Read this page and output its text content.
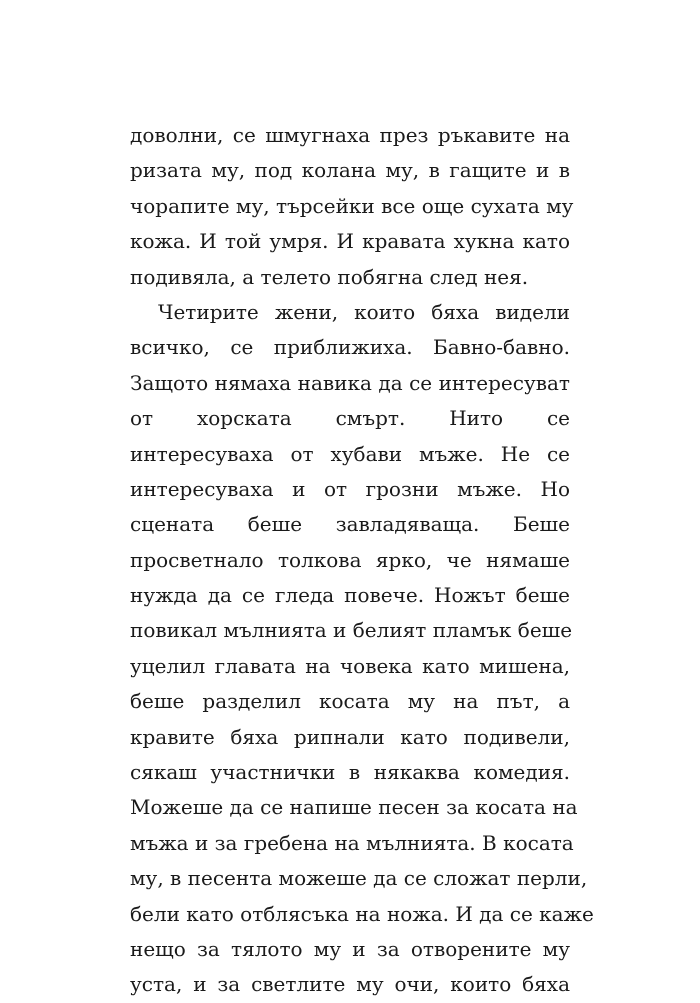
доволни, се шмугнаха през ръкавите на
ризата му, под колана му, в гащите и в
чорапите му, търсейки все още сухата му
кожа. И той умря. И кравата хукна като
подивяла, а телето побягна след нея.
Четирите жени, които бяха видели
всичко, се приближиха. Бавно-бавно.
Защото нямаха навика да се интересуват
от хорската смърт. Нито се
интересуваха от хубави мъже. Не се
интересуваха и от грозни мъже. Но
сцената беше завладяваща. Беше
просветнало толкова ярко, че нямаше
нужда да се гледа повече. Ножът беше
повикал мълнията и белият пламък беше
уцелил главата на човека като мишена,
беше разделил косата му на път, а
кравите бяха рипнали като подивели,
сякаш участнички в някаква комедия.
Можеше да се напише песен за косата на
мъжа и за гребена на мълнията. В косата
му, в песента можеше да се сложат перли,
бели като отблясъка на ножа. И да се каже
нещо за тялото му и за отворените му
уста, и за светлите му очи, които бяха
